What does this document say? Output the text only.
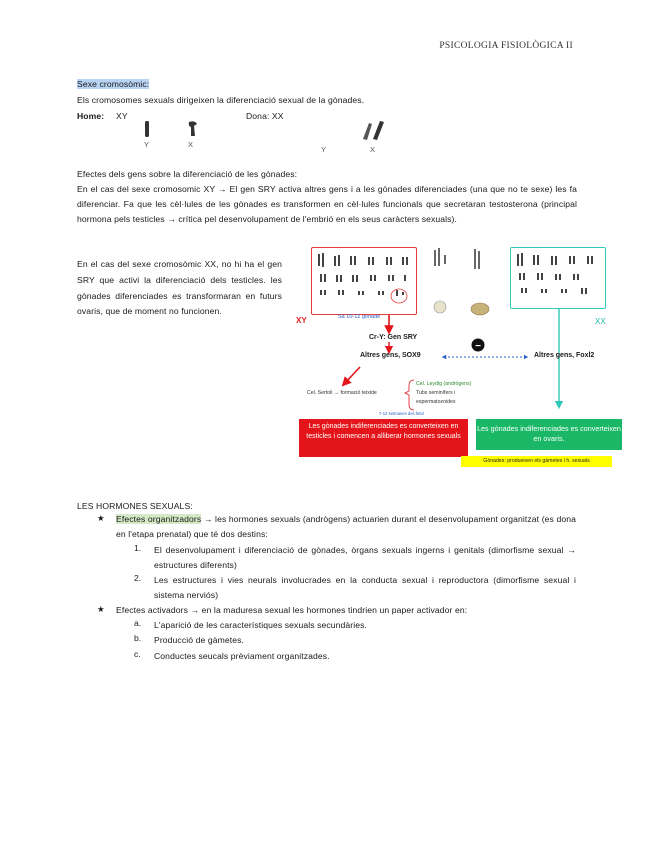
PSICOLOGIA FISIOLÒGICA II
Sexe cromosòmic:
Els cromosomes sexuals dirigeixen la diferenciació sexual de la gònades.
Home: XY	Dona: XX
Y	X
Y	X
Efectes dels gens sobre la diferenciació de les gònades:
En el cas del sexe cromosomic XY → El gen SRY activa altres gens i a les gònades diferenciades (una que no te sexe) les fa diferenciar. Fa que les cèl·lules de les gònades es transformen en cèl·lules funcionals que secretaran testosterona (principal hormona pels testicles → crítica pel desenvolupament de l'embrió en els seus caràcters sexuals).
En el cas del sexe cromosòmic XX, no hi ha el gen SRY que activi la diferenciació dels testicles. les gònades diferenciades es transformaran en futurs ovaris, que de moment no funcionen.
−
XY	XX
Sa 10-12 gonade
Cr-Y: Gen SRY
Altres gens, SOX9	Altres gens, Foxl2
Cel. Sertoli → formació teixide
Cel. Leydig (andrògens)
Tubs seminífers i
espermatozoides
7-12 setmanes des fetal
Les gònades indiferenciades es converteixen en testicles i comencen a alliberar hormones sexuals
Les gònades indiferenciades es converteixen en ovaris.
Gònades: produeixen els gàmetes i h. sexuals
LES HORMONES SEXUALS:
★ Efectes organitzadors → les hormones sexuals (andrògens) actuarien durant el desenvolupament organitzat (es dona en l'etapa prenatal) que té dos destins:
1. El desenvolupament i diferenciació de gònades, òrgans sexuals ingerns i genitals (dimorfisme sexual → estructures diferents)
2. Les estructures i vies neurals involucrades en la conducta sexual i reproductora (dimorfisme sexual i sistema nerviós)
★ Efectes activadors → en la maduresa sexual les hormones tindrien un paper activador en:
a. L'aparició de les característiques sexuals secundàries.
b. Producció de gàmetes.
c. Conductes seucals prèviament organitzades.
